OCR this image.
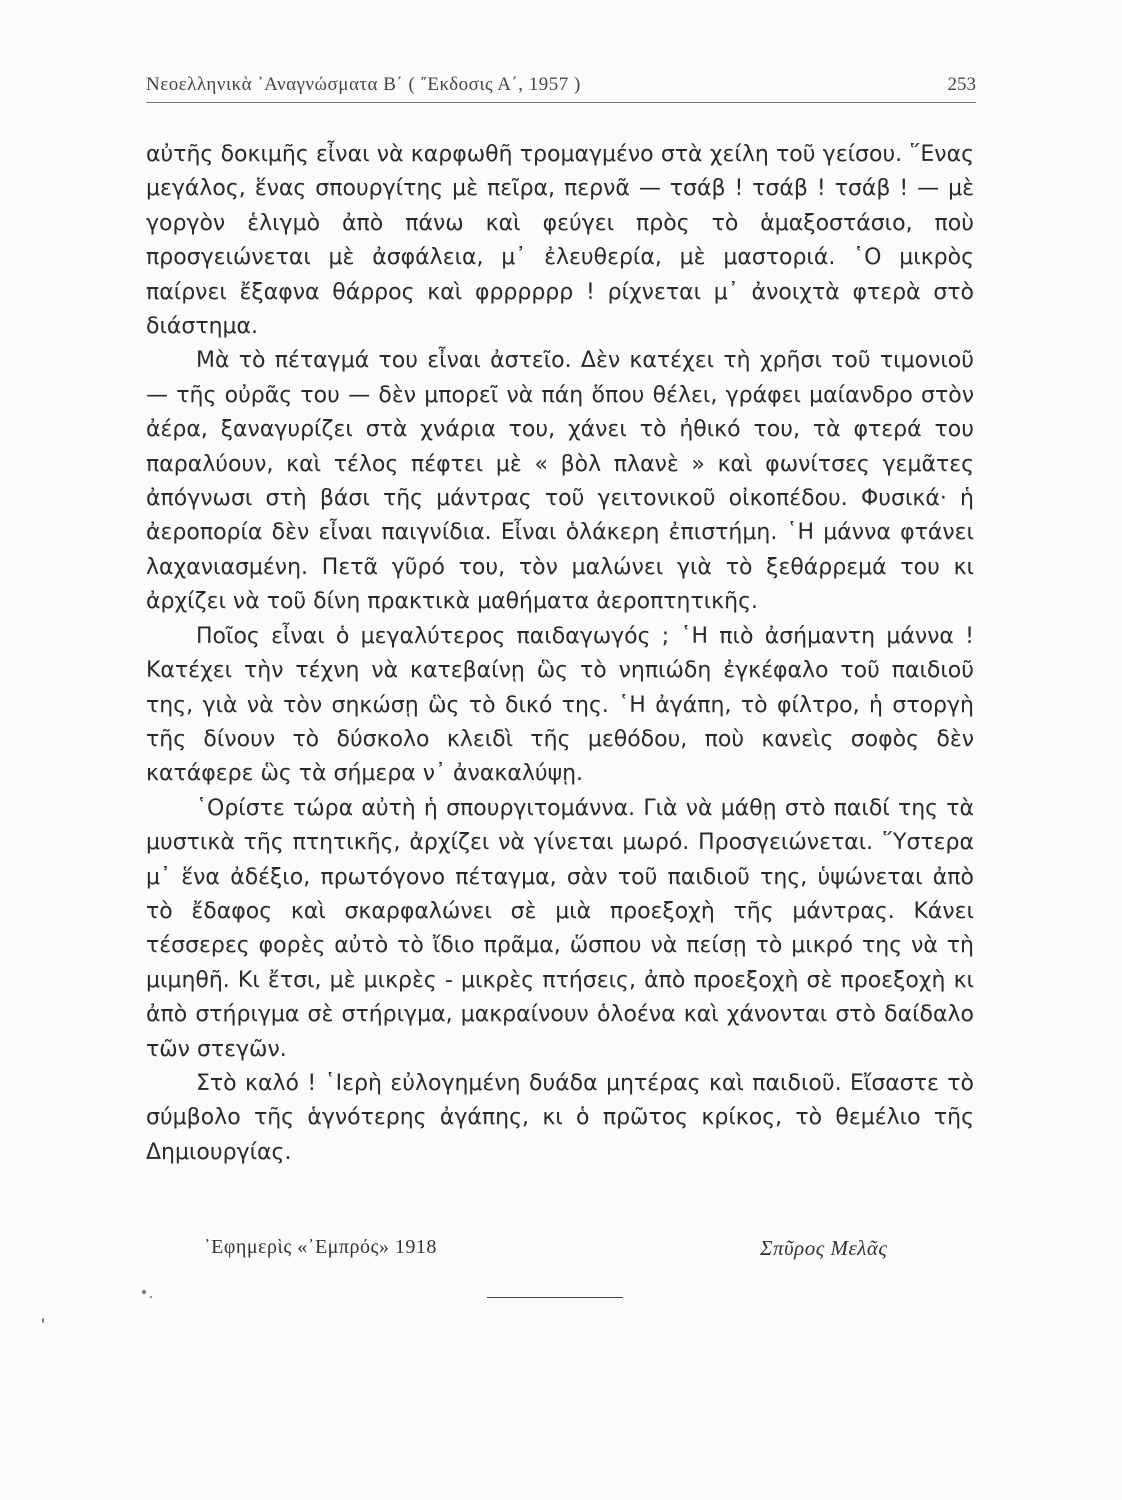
Νεοελληνικὰ ᾿Αναγνώσματα Β΄ ( ῎Εκδοσις Α΄, 1957 )	253

αὐτῆς δοκιμῆς εἶναι νὰ καρφωθῆ τρομαγμένο στὰ χείλη τοῦ γείσου. ῞Ενας μεγάλος, ἕνας σπουργίτης μὲ πεῖρα, περνᾶ — τσάβ ! τσάβ ! τσάβ ! — μὲ γοργὸν ἑλιγμὸ ἀπὸ πάνω καὶ φεύγει πρὸς τὸ ἁμαξοστάσιο, ποὺ προσγειώνεται μὲ ἀσφάλεια, μ᾿ ἐλευθερία, μὲ μαστοριά. ῾Ο μικρὸς παίρνει ἔξαφνα θάρρος καὶ φρρρρρρ ! ρίχνεται μ᾿ ἀνοιχτὰ φτερὰ στὸ διάστημα.

Μὰ τὸ πέταγμά του εἶναι ἀστεῖο. Δὲν κατέχει τὴ χρῆσι τοῦ τιμονιοῦ — τῆς οὐρᾶς του — δὲν μπορεῖ νὰ πάη ὅπου θέλει, γράφει μαίανδρο στὸν ἀέρα, ξαναγυρίζει στὰ χνάρια του, χάνει τὸ ἠθικό του, τὰ φτερά του παραλύουν, καὶ τέλος πέφτει μὲ « βὸλ πλανὲ » καὶ φωνίτσες γεμᾶτες ἀπόγνωσι στὴ βάσι τῆς μάντρας τοῦ γειτονικοῦ οἰκοπέδου. Φυσικά· ἡ ἀεροπορία δὲν εἶναι παιγνίδια. Εἶναι ὁλάκερη ἐπιστήμη. ῾Η μάννα φτάνει λαχανιασμένη. Πετᾶ γῦρό του, τὸν μαλώνει γιὰ τὸ ξεθάρρεμά του κι ἀρχίζει νὰ τοῦ δίνη πρακτικὰ μαθήματα ἀεροπτητικῆς.

Ποῖος εἶναι ὁ μεγαλύτερος παιδαγωγός ; ῾Η πιὸ ἀσήμαντη μάννα ! Κατέχει τὴν τέχνη νὰ κατεβαίνῃ ὣς τὸ νηπιώδη ἐγκέφαλο τοῦ παιδιοῦ της, γιὰ νὰ τὸν σηκώσῃ ὣς τὸ δικό της. ῾Η ἀγάπη, τὸ φίλτρο, ἡ στοργὴ τῆς δίνουν τὸ δύσκολο κλειδὶ τῆς μεθόδου, ποὺ κανεὶς σοφὸς δὲν κατάφερε ὣς τὰ σήμερα ν᾿ ἀνακαλύψῃ.

῾Ορίστε τώρα αὐτὴ ἡ σπουργιτομάννα. Γιὰ νὰ μάθῃ στὸ παιδί της τὰ μυστικὰ τῆς πτητικῆς, ἀρχίζει νὰ γίνεται μωρό. Προσγειώνεται. ῞Υστερα μ᾿ ἕνα ἀδέξιο, πρωτόγονο πέταγμα, σὰν τοῦ παιδιοῦ της, ὑψώνεται ἀπὸ τὸ ἔδαφος καὶ σκαρφαλώνει σὲ μιὰ προεξοχὴ τῆς μάντρας. Κάνει τέσσερες φορὲς αὐτὸ τὸ ἴδιο πρᾶμα, ὥσπου νὰ πείσῃ τὸ μικρό της νὰ τὴ μιμηθῆ. Κι ἔτσι, μὲ μικρὲς - μικρὲς πτήσεις, ἀπὸ προεξοχὴ σὲ προεξοχὴ κι ἀπὸ στήριγμα σὲ στήριγμα, μακραίνουν ὁλοένα καὶ χάνονται στὸ δαίδαλο τῶν στεγῶν.

Στὸ καλό ! ῾Ιερὴ εὐλογημένη δυάδα μητέρας καὶ παιδιοῦ. Εἴσαστε τὸ σύμβολο τῆς ἁγνότερης ἀγάπης, κι ὁ πρῶτος κρίκος, τὸ θεμέλιο τῆς Δημιουργίας.

᾿Εφημερὶς «᾿Εμπρός» 1918	Σπῦρος Μελᾶς
